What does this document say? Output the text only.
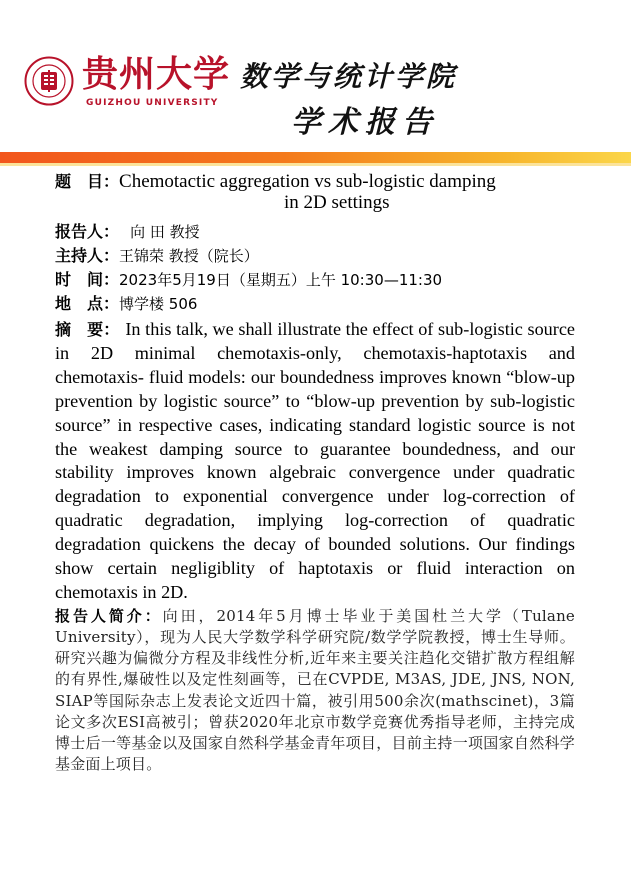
贵州大学
GUIZHOU UNIVERSITY
数学与统计学院
学术报告
题　目：Chemotactic aggregation vs sub-logistic damping
in 2D settings
报告人： 向 田 教授
主持人：王锦荣 教授（院长）
时　间：2023年5月19日（星期五）上午 10:30—11:30
地　点：博学楼 506
摘　要： In this talk, we shall illustrate the effect of sub-logistic source in 2D minimal chemotaxis-only, chemotaxis-haptotaxis and chemotaxis- fluid models: our boundedness improves known “blow-up prevention by logistic source” to “blow-up prevention by sub-logistic source” in respective cases, indicating standard logistic source is not the weakest damping source to guarantee boundedness, and our stability improves known algebraic convergence under quadratic degradation to exponential convergence under log-correction of quadratic degradation, implying log-correction of quadratic degradation quickens the decay of bounded solutions. Our findings show certain negligiblity of haptotaxis or fluid interaction on chemotaxis in 2D.
报告人简介：向田，2014年5月博士毕业于美国杜兰大学（Tulane University），现为人民大学数学科学研究院/数学学院教授，博士生导师。 研究兴趣为偏微分方程及非线性分析,近年来主要关注趋化交错扩散方程组解的有界性,爆破性以及定性刻画等，已在CVPDE, M3AS, JDE, JNS, NON, SIAP等国际杂志上发表论文近四十篇，被引用500余次(mathscinet)，3篇论文多次ESI高被引；曾获2020年北京市数学竞赛优秀指导老师，主持完成博士后一等基金以及国家自然科学基金青年项目，目前主持一项国家自然科学基金面上项目。
